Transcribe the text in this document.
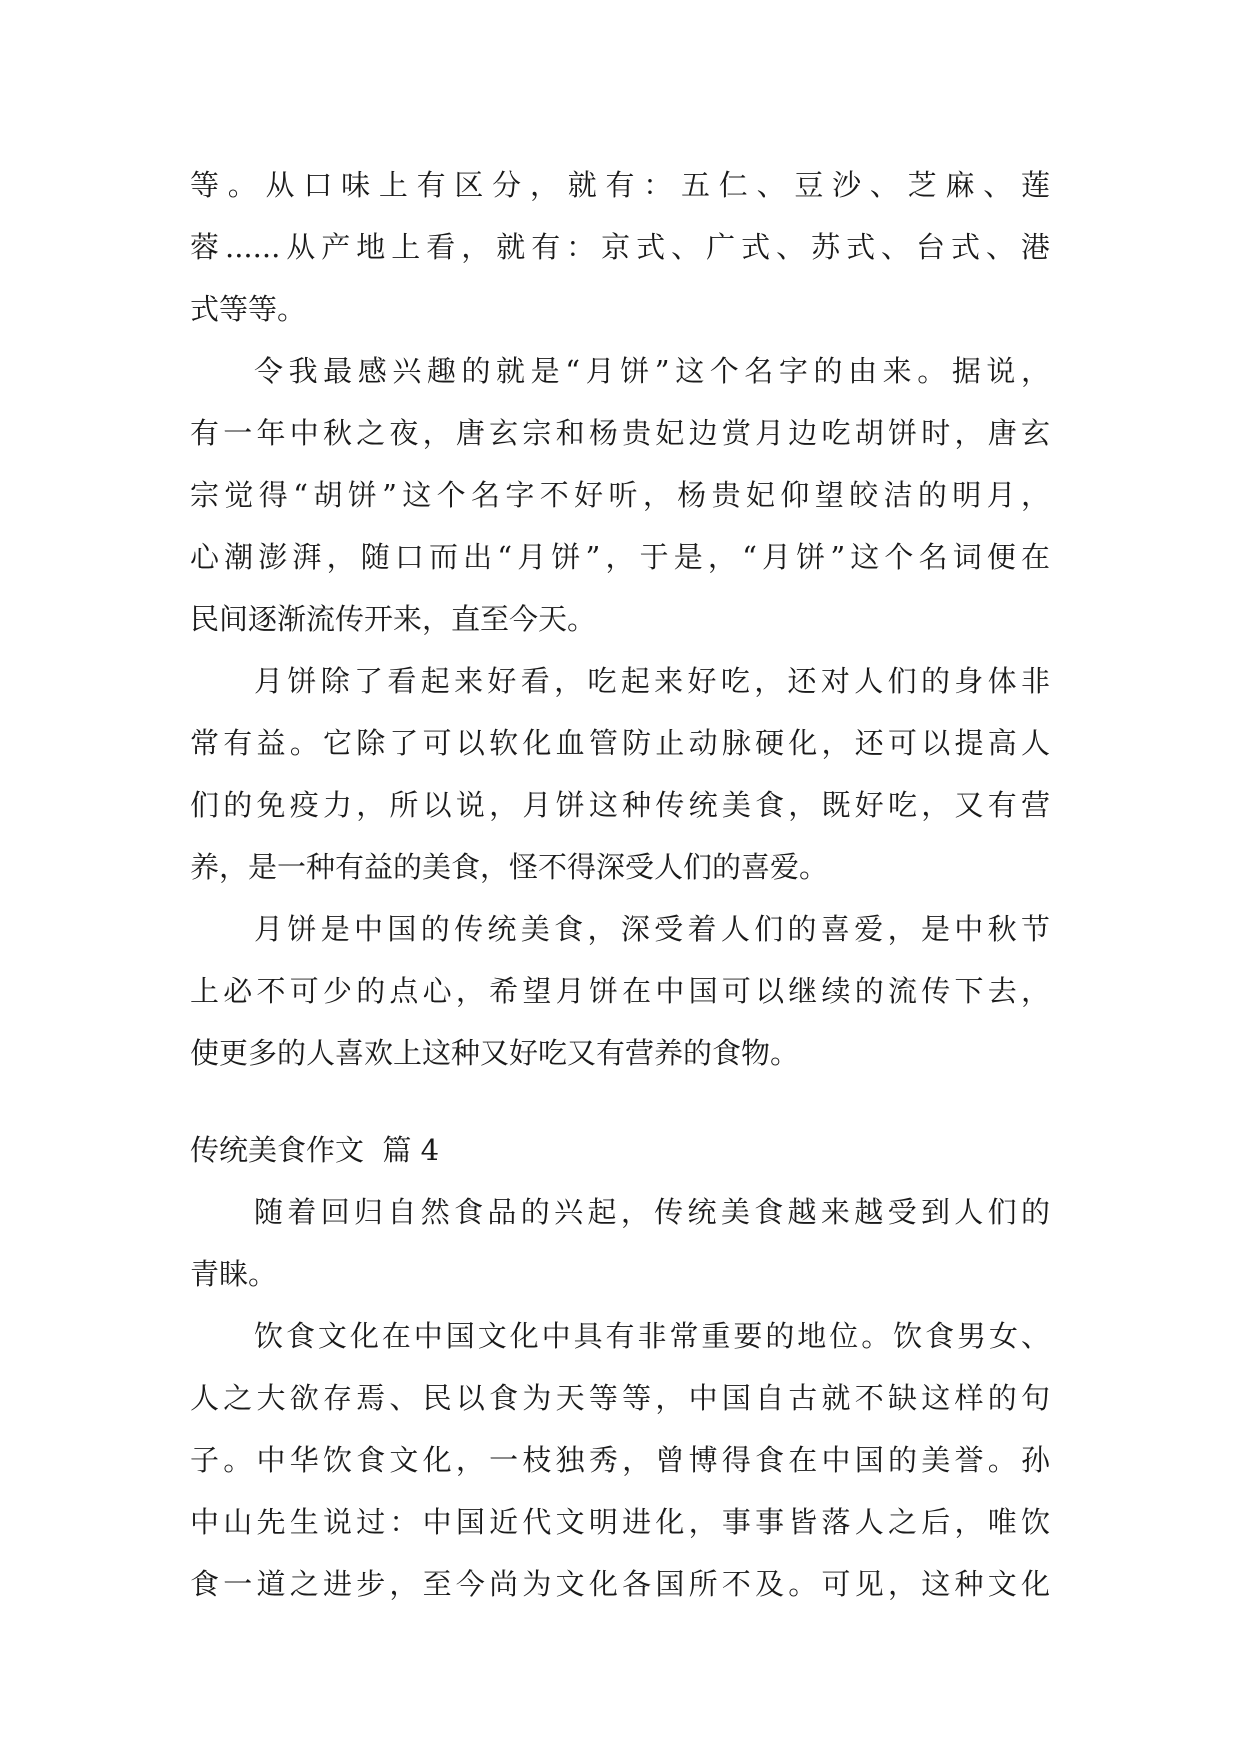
等。从口味上有区分，就有：五仁、豆沙、芝麻、莲
蓉......从产地上看，就有：京式、广式、苏式、台式、港
式等等。
令我最感兴趣的就是“月饼”这个名字的由来。据说，
有一年中秋之夜，唐玄宗和杨贵妃边赏月边吃胡饼时，唐玄
宗觉得“胡饼”这个名字不好听，杨贵妃仰望皎洁的明月，
心潮澎湃，随口而出“月饼”，于是，“月饼”这个名词便在
民间逐渐流传开来，直至今天。
月饼除了看起来好看，吃起来好吃，还对人们的身体非
常有益。它除了可以软化血管防止动脉硬化，还可以提高人
们的免疫力，所以说，月饼这种传统美食，既好吃，又有营
养，是一种有益的美食，怪不得深受人们的喜爱。
月饼是中国的传统美食，深受着人们的喜爱，是中秋节
上必不可少的点心，希望月饼在中国可以继续的流传下去，
使更多的人喜欢上这种又好吃又有营养的食物。
传统美食作文  篇 4
随着回归自然食品的兴起，传统美食越来越受到人们的
青睐。
饮食文化在中国文化中具有非常重要的地位。饮食男女、
人之大欲存焉、民以食为天等等，中国自古就不缺这样的句
子。中华饮食文化，一枝独秀，曾博得食在中国的美誉。孙
中山先生说过：中国近代文明进化，事事皆落人之后，唯饮
食一道之进步，至今尚为文化各国所不及。可见，这种文化
